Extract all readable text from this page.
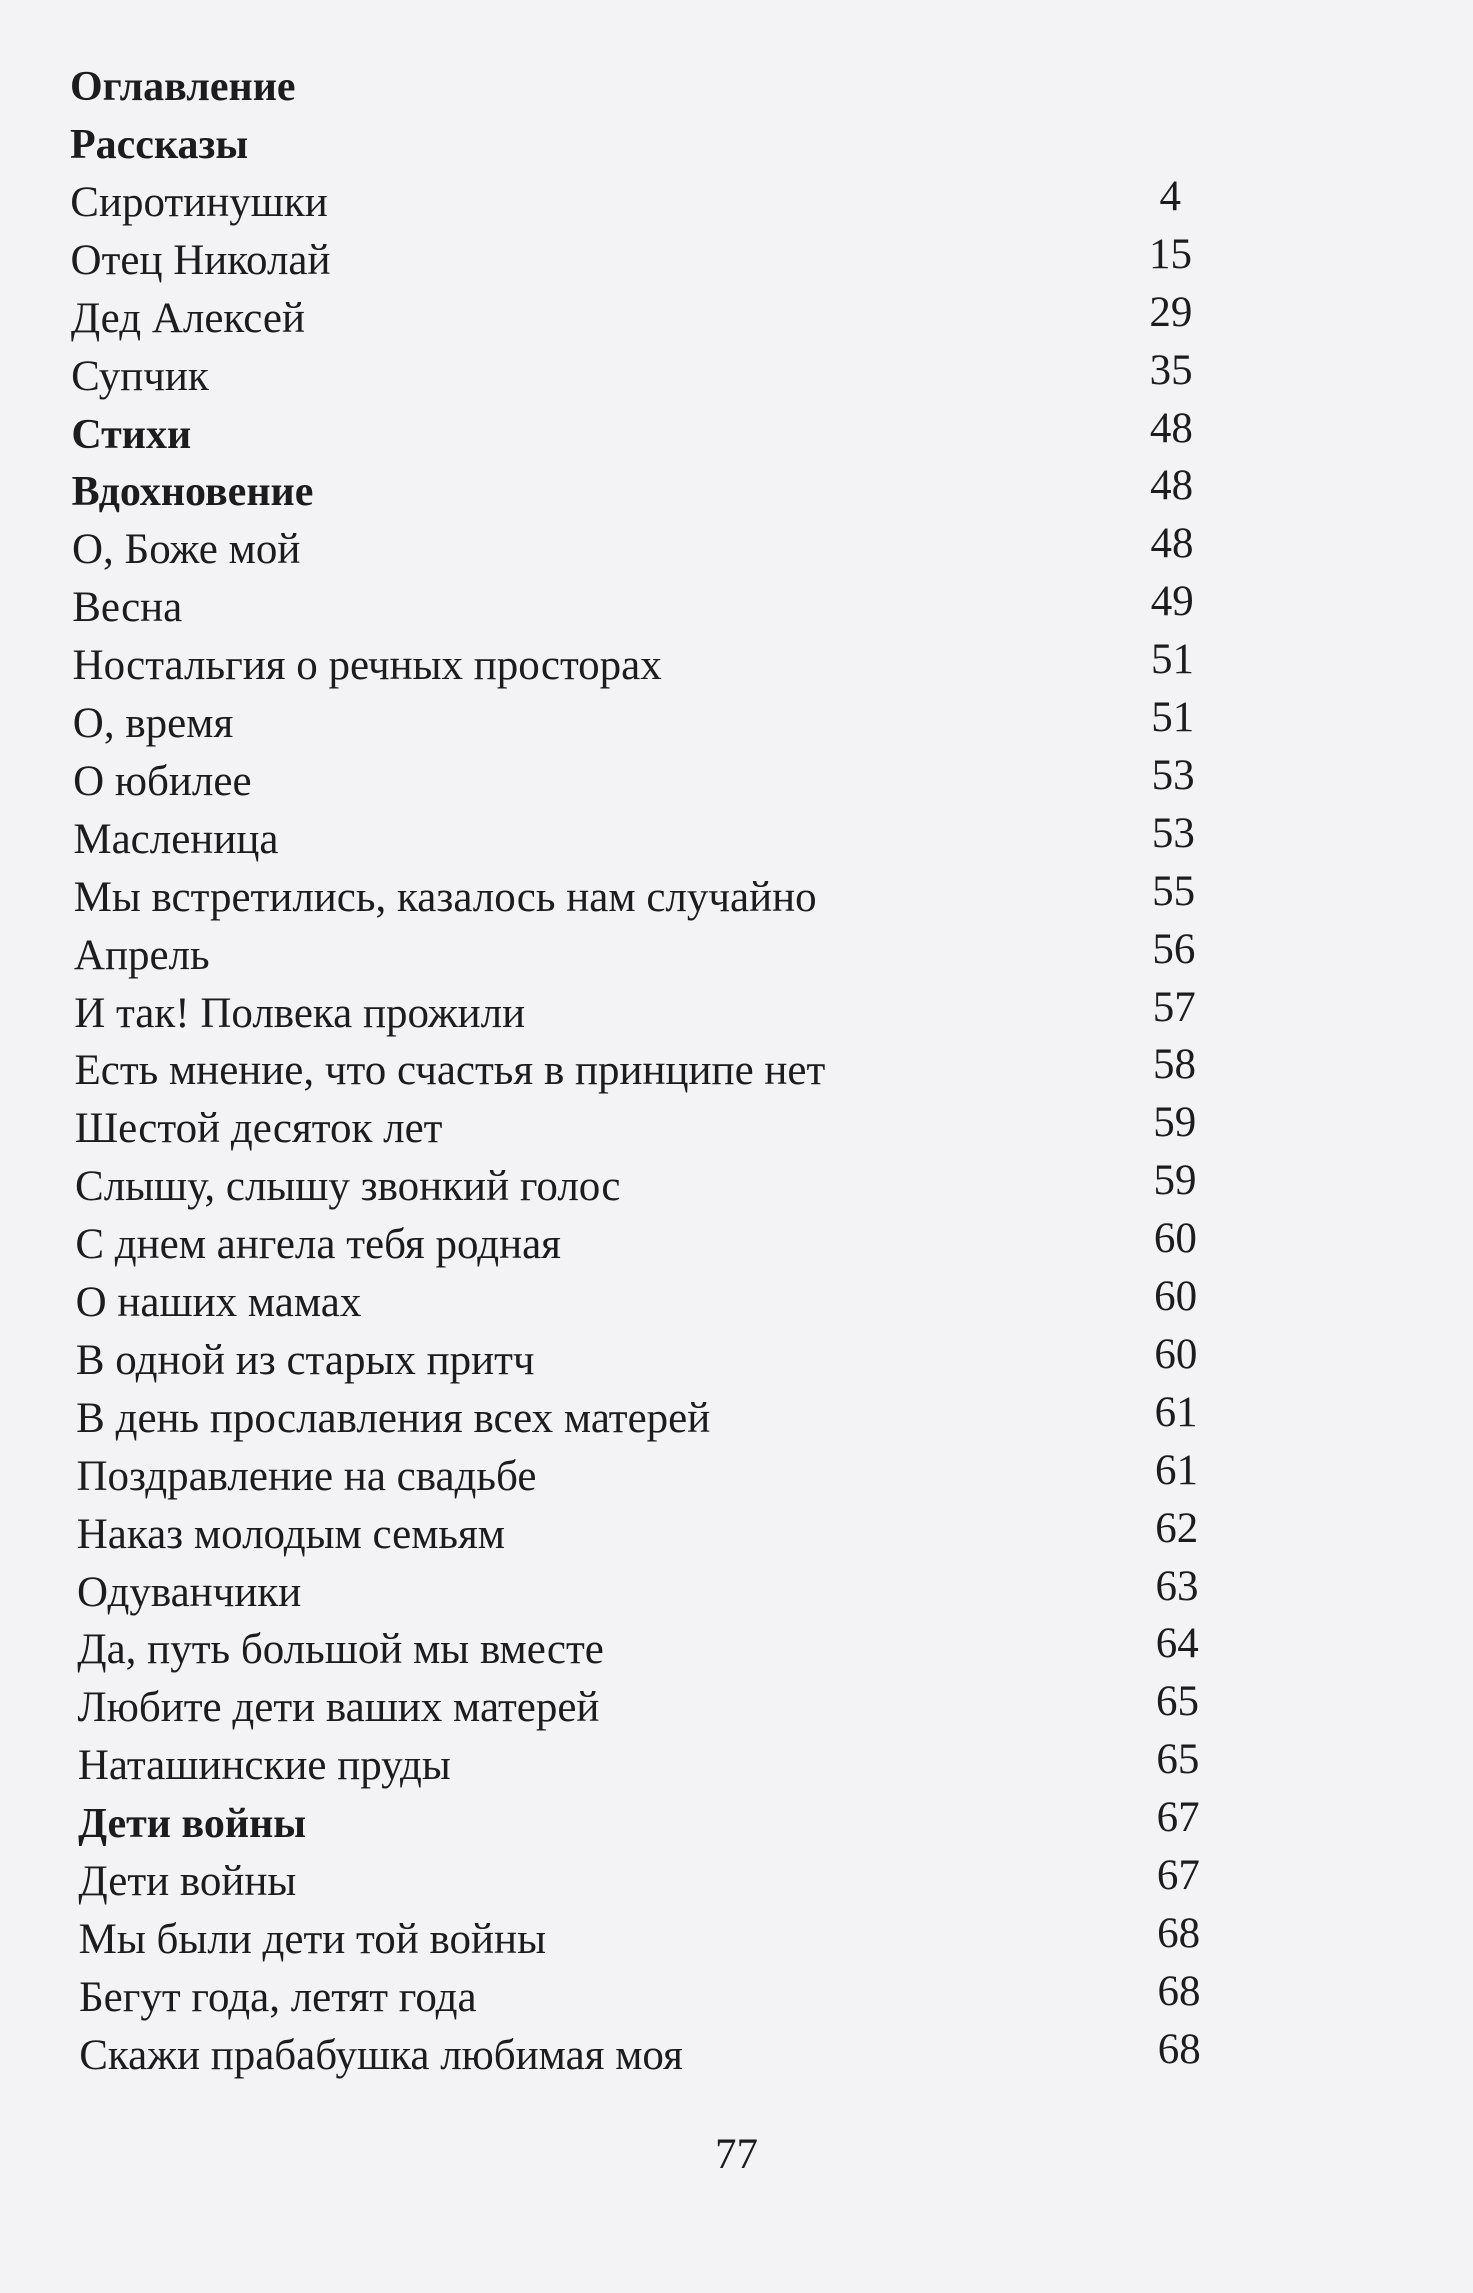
Оглавление
Рассказы
Сиротинушки	4
Отец Николай	15
Дед Алексей	29
Супчик	35
Стихи	48
Вдохновение	48
О, Боже мой	48
Весна	49
Ностальгия о речных просторах	51
О, время	51
О юбилее	53
Масленица	53
Мы встретились, казалось нам случайно	55
Апрель	56
И так! Полвека прожили	57
Есть мнение, что счастья в принципе нет	58
Шестой десяток лет	59
Слышу, слышу звонкий голос	59
С днем ангела тебя родная	60
О наших мамах	60
В одной из старых притч	60
В день прославления всех матерей	61
Поздравление на свадьбе	61
Наказ молодым семьям	62
Одуванчики	63
Да, путь большой мы вместе	64
Любите дети ваших матерей	65
Наташинские пруды	65
Дети войны	67
Дети войны	67
Мы были дети той войны	68
Бегут года, летят года	68
Скажи прабабушка любимая моя	68
77
